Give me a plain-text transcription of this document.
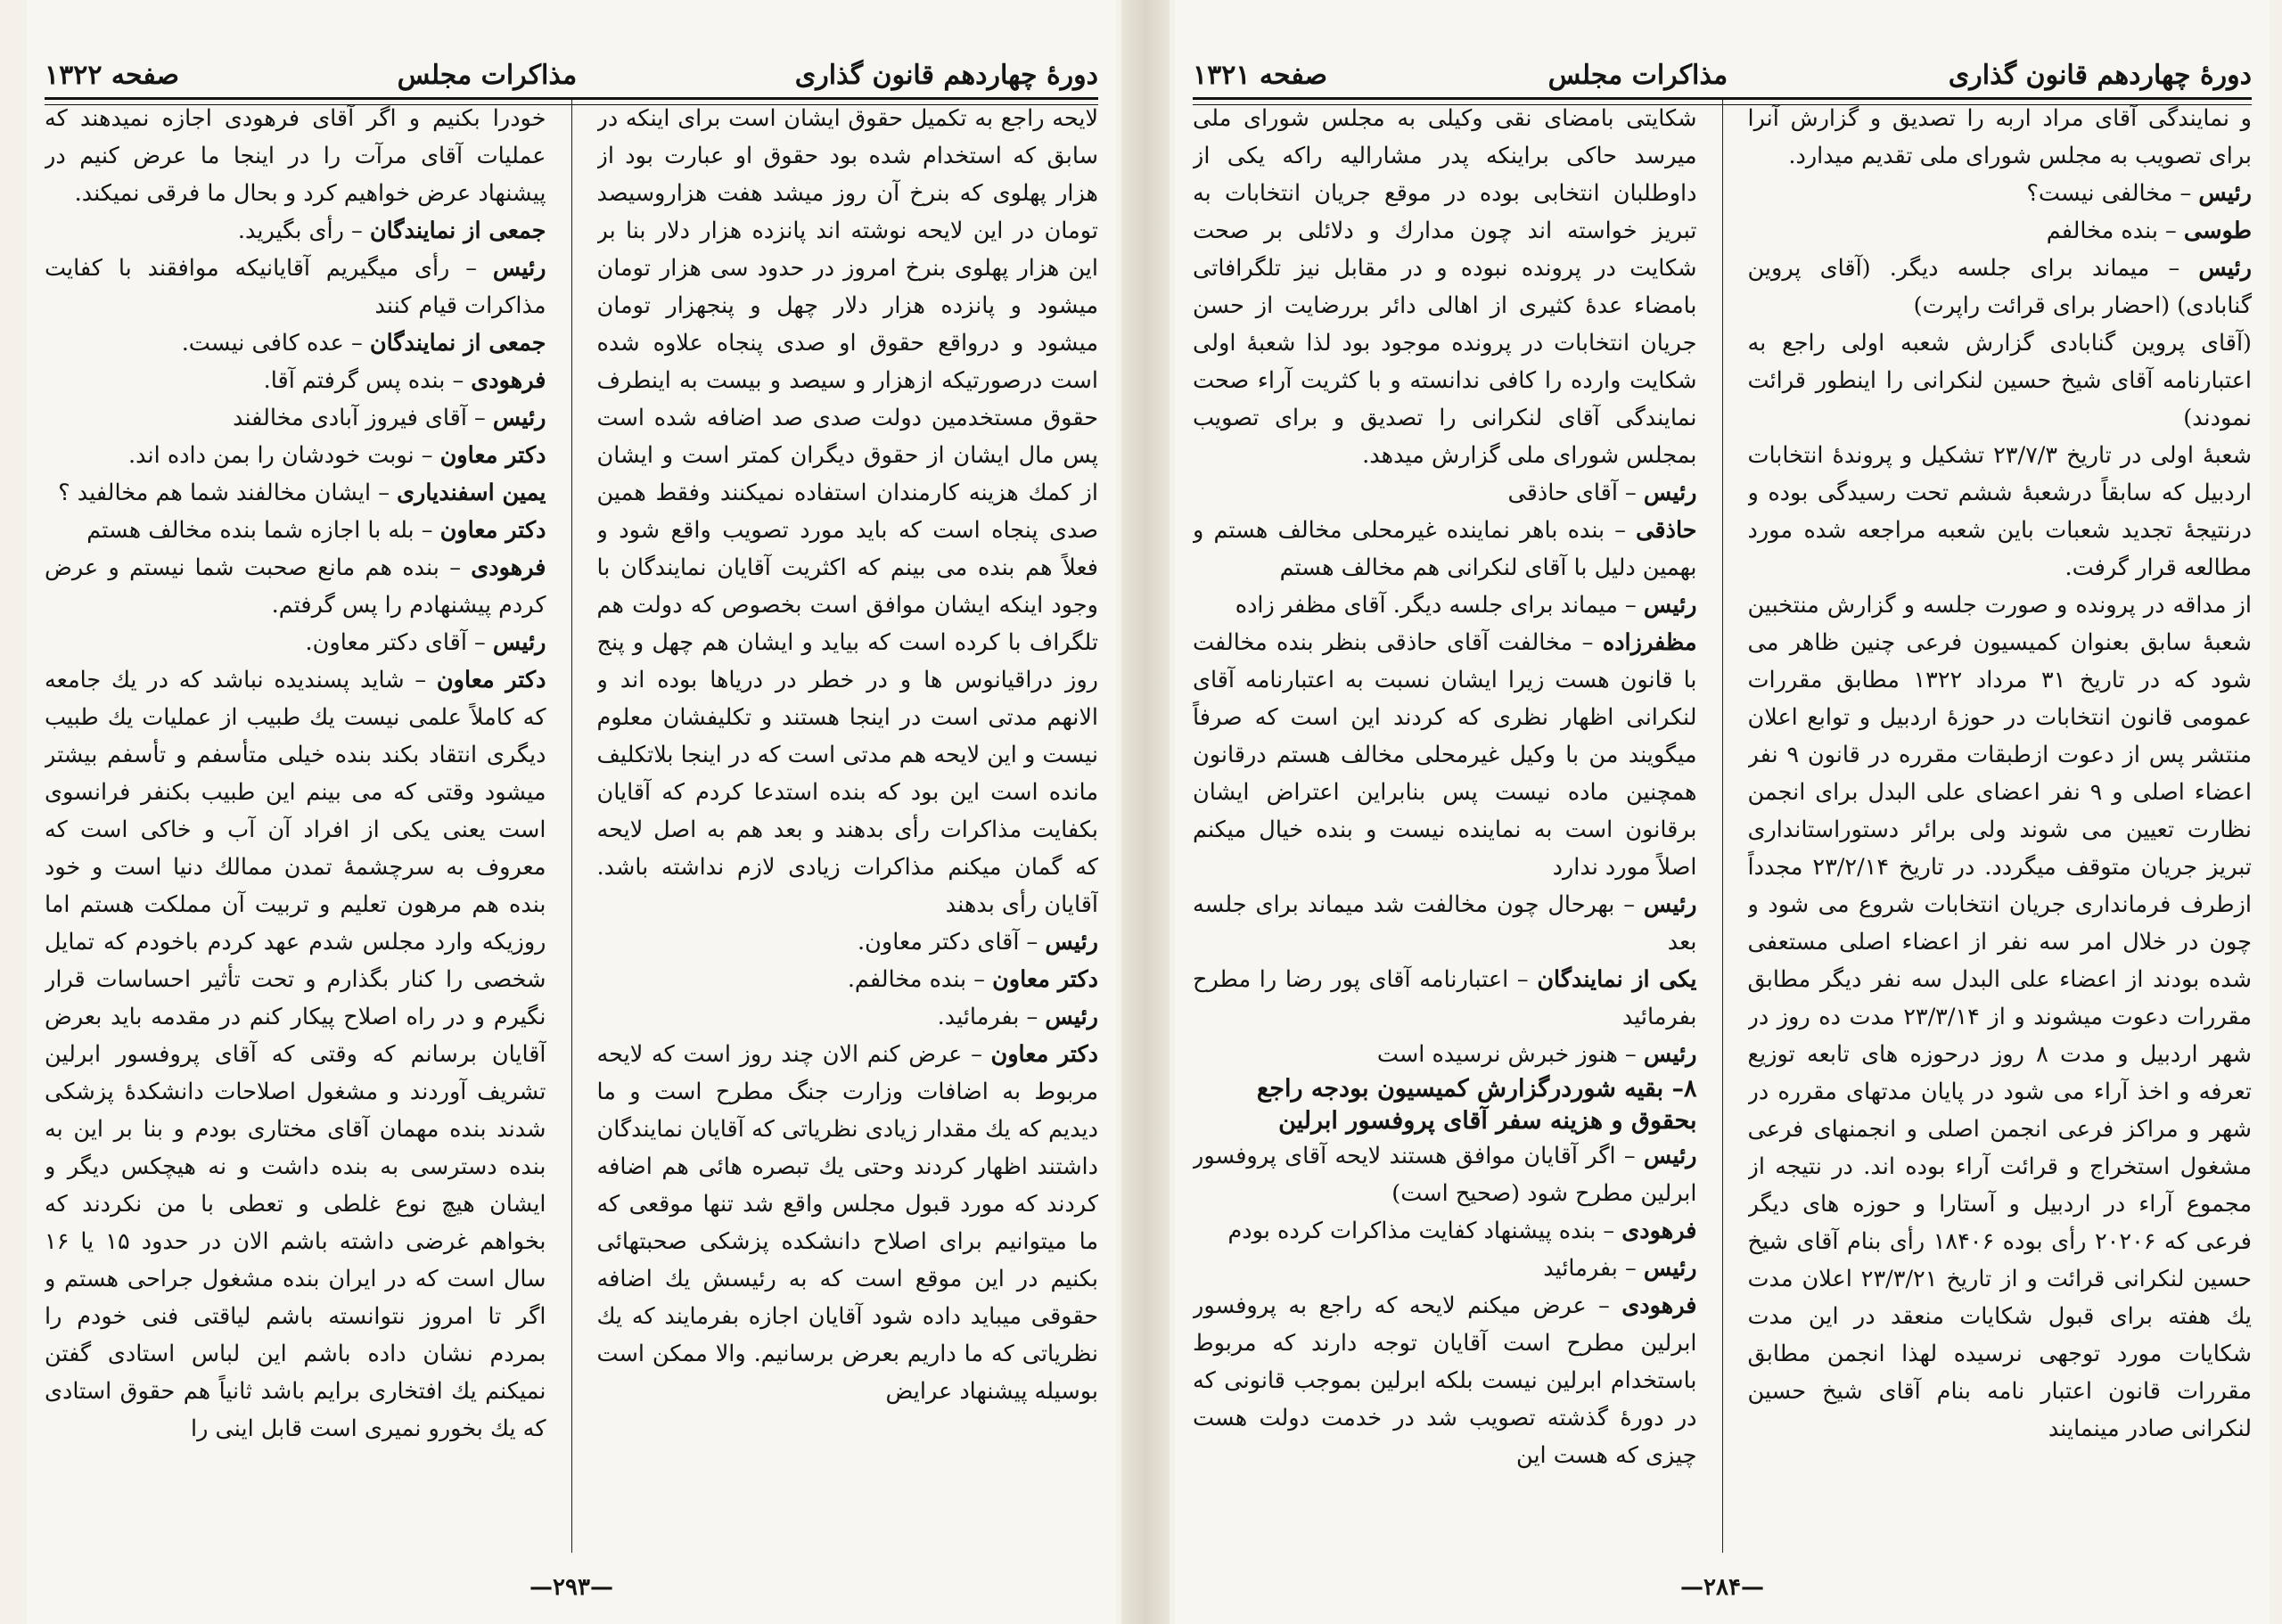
دورهٔ چهاردهم قانون گذاری
مذاکرات مجلس
صفحه ۱۳۲۲

لایحه راجع به تکمیل حقوق ایشان است برای اینکه در سابق که استخدام شده بود حقوق او عبارت بود از هزار پهلوی که بنرخ آن روز میشد هفت هزاروسیصد تومان در این لایحه نوشته اند پانزده هزار دلار بنا بر این هزار پهلوی بنرخ امروز در حدود سی هزار تومان میشود و پانزده هزار دلار چهل و پنجهزار تومان میشود و درواقع حقوق او صدی پنجاه علاوه شده است درصورتیکه ازهزار و سیصد و بیست به اینطرف حقوق مستخدمین دولت صدی صد اضافه شده است پس مال ایشان از حقوق دیگران کمتر است و ایشان از کمك هزینه کارمندان استفاده نمیکنند وفقط همین صدی پنجاه است که باید مورد تصویب واقع شود و فعلاً هم بنده می بینم که اکثریت آقایان نمایندگان با وجود اینکه ایشان موافق است بخصوص که دولت هم تلگراف با کرده است که بیاید و ایشان هم چهل و پنج روز دراقیانوس ها و در خطر در دریاها بوده اند و الانهم مدتی است در اینجا هستند و تکلیفشان معلوم نیست و این لایحه هم مدتی است که در اینجا بلاتکلیف مانده است این بود که بنده استدعا کردم که آقایان بکفایت مذاکرات رأی بدهند و بعد هم به اصل لایحه که گمان میکنم مذاکرات زیادی لازم نداشته باشد. آقایان رأی بدهند

رئیس – آقای دکتر معاون.

دکتر معاون – بنده مخالفم.

رئیس – بفرمائید.

دکتر معاون – عرض کنم الان چند روز است که لایحه مربوط به اضافات وزارت جنگ مطرح است و ما دیدیم که یك مقدار زیادی نظریاتی که آقایان نمایندگان داشتند اظهار کردند وحتی یك تبصره هائی هم اضافه کردند که مورد قبول مجلس واقع شد تنها موقعی که ما میتوانیم برای اصلاح دانشکده پزشکی صحبتهائی بکنیم در این موقع است که به رئیسش یك اضافه حقوقی میباید داده شود آقایان اجازه بفرمایند که یك نظریاتی که ما داریم بعرض برسانیم. والا ممکن است بوسیله پیشنهاد عرایض

خودرا بکنیم و اگر آقای فرهودی اجازه نمیدهند که عملیات آقای مرآت را در اینجا ما عرض کنیم در پیشنهاد عرض خواهیم کرد و بحال ما فرقی نمیکند.

جمعی از نمایندگان – رأی بگیرید.

رئیس – رأی میگیریم آقایانیکه موافقند با کفایت مذاکرات قیام کنند

جمعی از نمایندگان – عده کافی نیست.

فرهودی – بنده پس گرفتم آقا.

رئیس – آقای فیروز آبادی مخالفند

دکتر معاون – نوبت خودشان را بمن داده اند.

یمین اسفندیاری – ایشان مخالفند شما هم مخالفید ؟

دکتر معاون – بله با اجازه شما بنده مخالف هستم

فرهودی – بنده هم مانع صحبت شما نیستم و عرض کردم پیشنهادم را پس گرفتم.

رئیس – آقای دکتر معاون.

دکتر معاون – شاید پسندیده نباشد که در یك جامعه که کاملاً علمی نیست یك طبیب از عملیات یك طبیب دیگری انتقاد بکند بنده خیلی متأسفم و تأسفم بیشتر میشود وقتی که می بینم این طبیب بکنفر فرانسوی است یعنی یکی از افراد آن آب و خاکی است که معروف به سرچشمهٔ تمدن ممالك دنیا است و خود بنده هم مرهون تعلیم و تربیت آن مملکت هستم اما روزیکه وارد مجلس شدم عهد کردم باخودم که تمایل شخصی را کنار بگذارم و تحت تأثیر احساسات قرار نگیرم و در راه اصلاح پیکار کنم در مقدمه باید بعرض آقایان برسانم که وقتی که آقای پروفسور ابرلین تشریف آوردند و مشغول اصلاحات دانشکدهٔ پزشکی شدند بنده مهمان آقای مختاری بودم و بنا بر این به بنده دسترسی به بنده داشت و نه هیچکس دیگر و ایشان هیچ نوع غلطی و تعطی با من نکردند که بخواهم غرضی داشته باشم الان در حدود ۱۵ یا ۱۶ سال است که در ایران بنده مشغول جراحی هستم و اگر تا امروز نتوانسته باشم لیاقتی فنی خودم را بمردم نشان داده باشم این لباس استادی گفتن نمیکنم یك افتخاری برایم باشد ثانیاً هم حقوق استادی که یك بخورو نمیری است قابل اینی را

—۲۹۳—
دورهٔ چهاردهم قانون گذاری
مذاکرات مجلس
صفحه ۱۳۲۱

و نمایندگی آقای مراد اربه را تصدیق و گزارش آنرا برای تصویب به مجلس شورای ملی تقدیم میدارد.

رئیس – مخالفی نیست؟

طوسی – بنده مخالفم

رئیس – میماند برای جلسه دیگر. (آقای پروین گنابادی) (احضار برای قرائت راپرت)

(آقای پروین گنابادی گزارش شعبه اولی راجع به اعتبارنامه آقای شیخ حسین لنکرانی را اینطور قرائت نمودند)

شعبهٔ اولی در تاریخ ۲۳/۷/۳ تشکیل و پروندهٔ انتخابات اردبیل که سابقاً درشعبهٔ ششم تحت رسیدگی بوده و درنتیجهٔ تجدید شعبات باین شعبه مراجعه شده مورد مطالعه قرار گرفت.

از مداقه در پرونده و صورت جلسه و گزارش منتخبین شعبهٔ سابق بعنوان کمیسیون فرعی چنین ظاهر می شود که در تاریخ ۳۱ مرداد ۱۳۲۲ مطابق مقررات عمومی قانون انتخابات در حوزهٔ اردبیل و توابع اعلان منتشر پس از دعوت ازطبقات مقرره در قانون ۹ نفر اعضاء اصلی و ۹ نفر اعضای علی البدل برای انجمن نظارت تعیین می شوند ولی برائر دستوراستانداری تبریز جریان متوقف میگردد. در تاریخ ۲۳/۲/۱۴ مجدداً ازطرف فرمانداری جریان انتخابات شروع می شود و چون در خلال امر سه نفر از اعضاء اصلی مستعفی شده بودند از اعضاء علی البدل سه نفر دیگر مطابق مقررات دعوت میشوند و از ۲۳/۳/۱۴ مدت ده روز در شهر اردبیل و مدت ۸ روز درحوزه های تابعه توزیع تعرفه و اخذ آراء می شود در پایان مدتهای مقرره در شهر و مراکز فرعی انجمن اصلی و انجمنهای فرعی مشغول استخراج و قرائت آراء بوده اند. در نتیجه از مجموع آراء در اردبیل و آستارا و حوزه های دیگر فرعی که ۲۰۲۰۶ رأی بوده ۱۸۴۰۶ رأی بنام آقای شیخ حسین لنکرانی قرائت و از تاریخ ۲۳/۳/۲۱ اعلان مدت یك هفته برای قبول شکایات منعقد در این مدت شکایات مورد توجهی نرسیده لهذا انجمن مطابق مقررات قانون اعتبار نامه بنام آقای شیخ حسین لنکرانی صادر مینمایند

شکایتی بامضای نقی وکیلی به مجلس شورای ملی میرسد حاکی براینکه پدر مشارالیه راکه یکی از داوطلبان انتخابی بوده در موقع جریان انتخابات به تبریز خواسته اند چون مدارك و دلائلی بر صحت شکایت در پرونده نبوده و در مقابل نیز تلگرافاتی بامضاء عدهٔ کثیری از اهالی دائر بررضایت از حسن جریان انتخابات در پرونده موجود بود لذا شعبهٔ اولی شکایت وارده را کافی ندانسته و با کثریت آراء صحت نمایندگی آقای لنکرانی را تصدیق و برای تصویب بمجلس شورای ملی گزارش میدهد.

رئیس – آقای حاذقی

حاذقی – بنده باهر نماینده غیرمحلی مخالف هستم و بهمین دلیل با آقای لنکرانی هم مخالف هستم

رئیس – میماند برای جلسه دیگر. آقای مظفر زاده

مظفرزاده – مخالفت آقای حاذقی بنظر بنده مخالفت با قانون هست زیرا ایشان نسبت به اعتبارنامه آقای لنکرانی اظهار نظری که کردند این است که صرفاً میگویند من با وکیل غیرمحلی مخالف هستم درقانون همچنین ماده نیست پس بنابراین اعتراض ایشان برقانون است به نماینده نیست و بنده خیال میکنم اصلاً مورد ندارد

رئیس – بهرحال چون مخالفت شد میماند برای جلسه بعد

یکی از نمایندگان – اعتبارنامه آقای پور رضا را مطرح بفرمائید

رئیس – هنوز خبرش نرسیده است

۸– بقیه شوردرگزارش کمیسیون بودجه راجع بحقوق و هزینه سفر آقای پروفسور ابرلین

رئیس – اگر آقایان موافق هستند لایحه آقای پروفسور ابرلین مطرح شود (صحیح است)

فرهودی – بنده پیشنهاد کفایت مذاکرات کرده بودم

رئیس – بفرمائید

فرهودی – عرض میکنم لایحه که راجع به پروفسور ابرلین مطرح است آقایان توجه دارند که مربوط باستخدام ابرلین نیست بلکه ابرلین بموجب قانونی که در دورهٔ گذشته تصویب شد در خدمت دولت هست چیزی که هست این

—۲۸۴—
